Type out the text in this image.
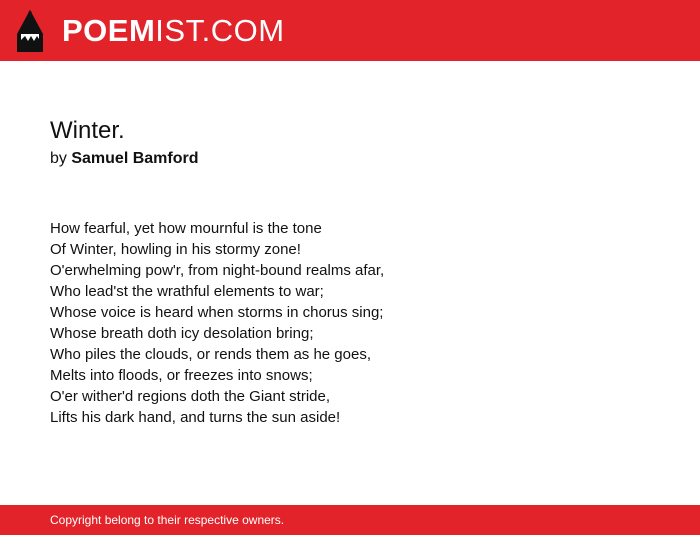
POEMIST.COM
Winter.
by Samuel Bamford
How fearful, yet how mournful is the tone
Of Winter, howling in his stormy zone!
O'erwhelming pow'r, from night-bound realms afar,
Who lead'st the wrathful elements to war;
Whose voice is heard when storms in chorus sing;
Whose breath doth icy desolation bring;
Who piles the clouds, or rends them as he goes,
Melts into floods, or freezes into snows;
O'er wither'd regions doth the Giant stride,
Lifts his dark hand, and turns the sun aside!
Copyright belong to their respective owners.
